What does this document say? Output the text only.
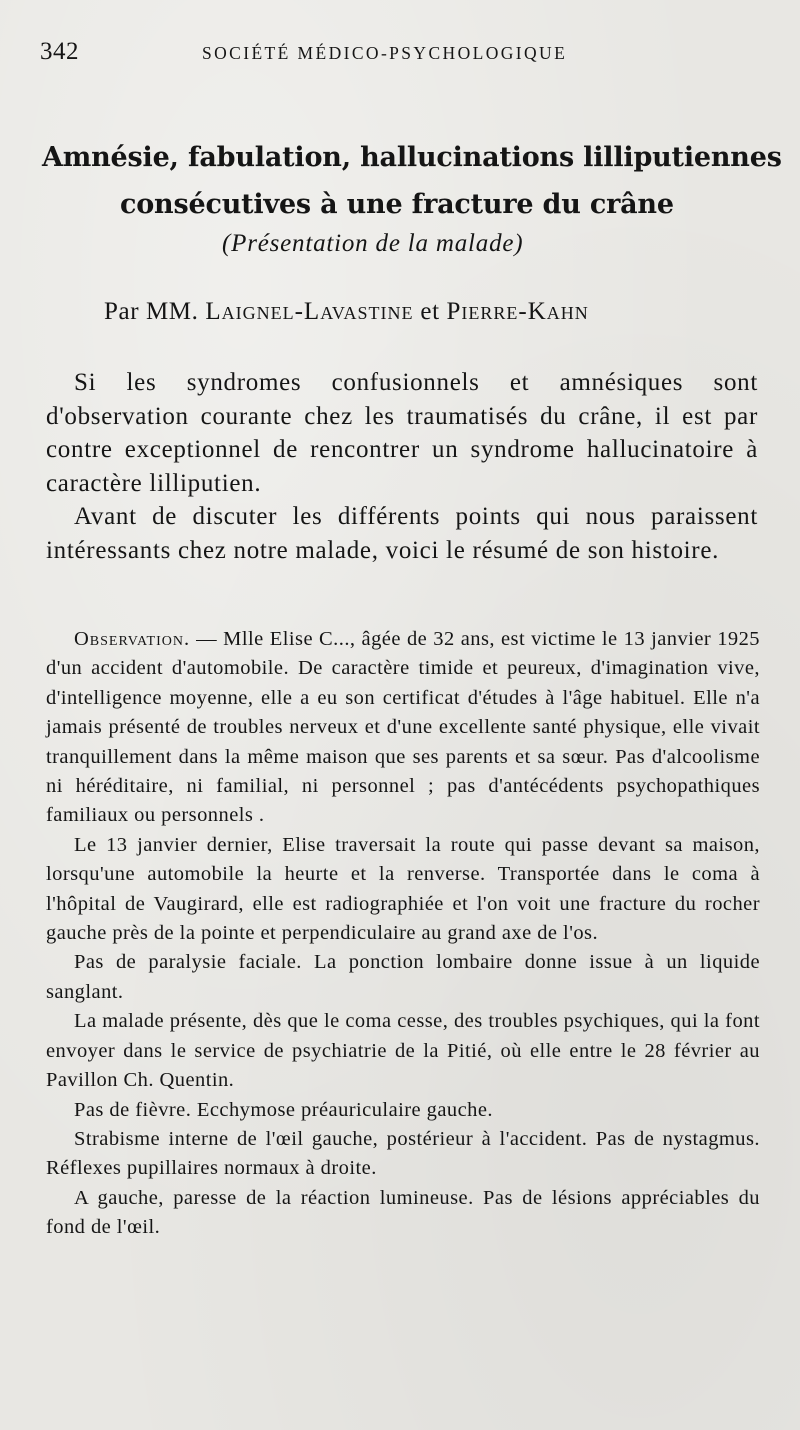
342	SOCIÉTÉ MÉDICO-PSYCHOLOGIQUE
Amnésie, fabulation, hallucinations lilliputiennes
consécutives à une fracture du crâne
(Présentation de la malade)
Par MM. Laignel-Lavastine et Pierre-Kahn

Si les syndromes confusionnels et amnésiques sont d'observation courante chez les traumatisés du crâne, il est par contre exceptionnel de rencontrer un syndrome hallucinatoire à caractère lilliputien.

Avant de discuter les différents points qui nous paraissent intéressants chez notre malade, voici le résumé de son histoire.

Observation. — Mlle Elise C..., âgée de 32 ans, est victime le 13 janvier 1925 d'un accident d'automobile. De caractère timide et peureux, d'imagination vive, d'intelligence moyenne, elle a eu son certificat d'études à l'âge habituel. Elle n'a jamais présenté de troubles nerveux et d'une excellente santé physique, elle vivait tranquillement dans la même maison que ses parents et sa sœur. Pas d'alcoolisme ni héréditaire, ni familial, ni personnel ; pas d'antécédents psychopathiques familiaux ou personnels .

Le 13 janvier dernier, Elise traversait la route qui passe devant sa maison, lorsqu'une automobile la heurte et la renverse. Transportée dans le coma à l'hôpital de Vaugirard, elle est radiographiée et l'on voit une fracture du rocher gauche près de la pointe et perpendiculaire au grand axe de l'os.

Pas de paralysie faciale. La ponction lombaire donne issue à un liquide sanglant.

La malade présente, dès que le coma cesse, des troubles psychiques, qui la font envoyer dans le service de psychiatrie de la Pitié, où elle entre le 28 février au Pavillon Ch. Quentin.

Pas de fièvre. Ecchymose préauriculaire gauche.

Strabisme interne de l'œil gauche, postérieur à l'accident. Pas de nystagmus. Réflexes pupillaires normaux à droite.

A gauche, paresse de la réaction lumineuse. Pas de lésions appréciables du fond de l'œil.
